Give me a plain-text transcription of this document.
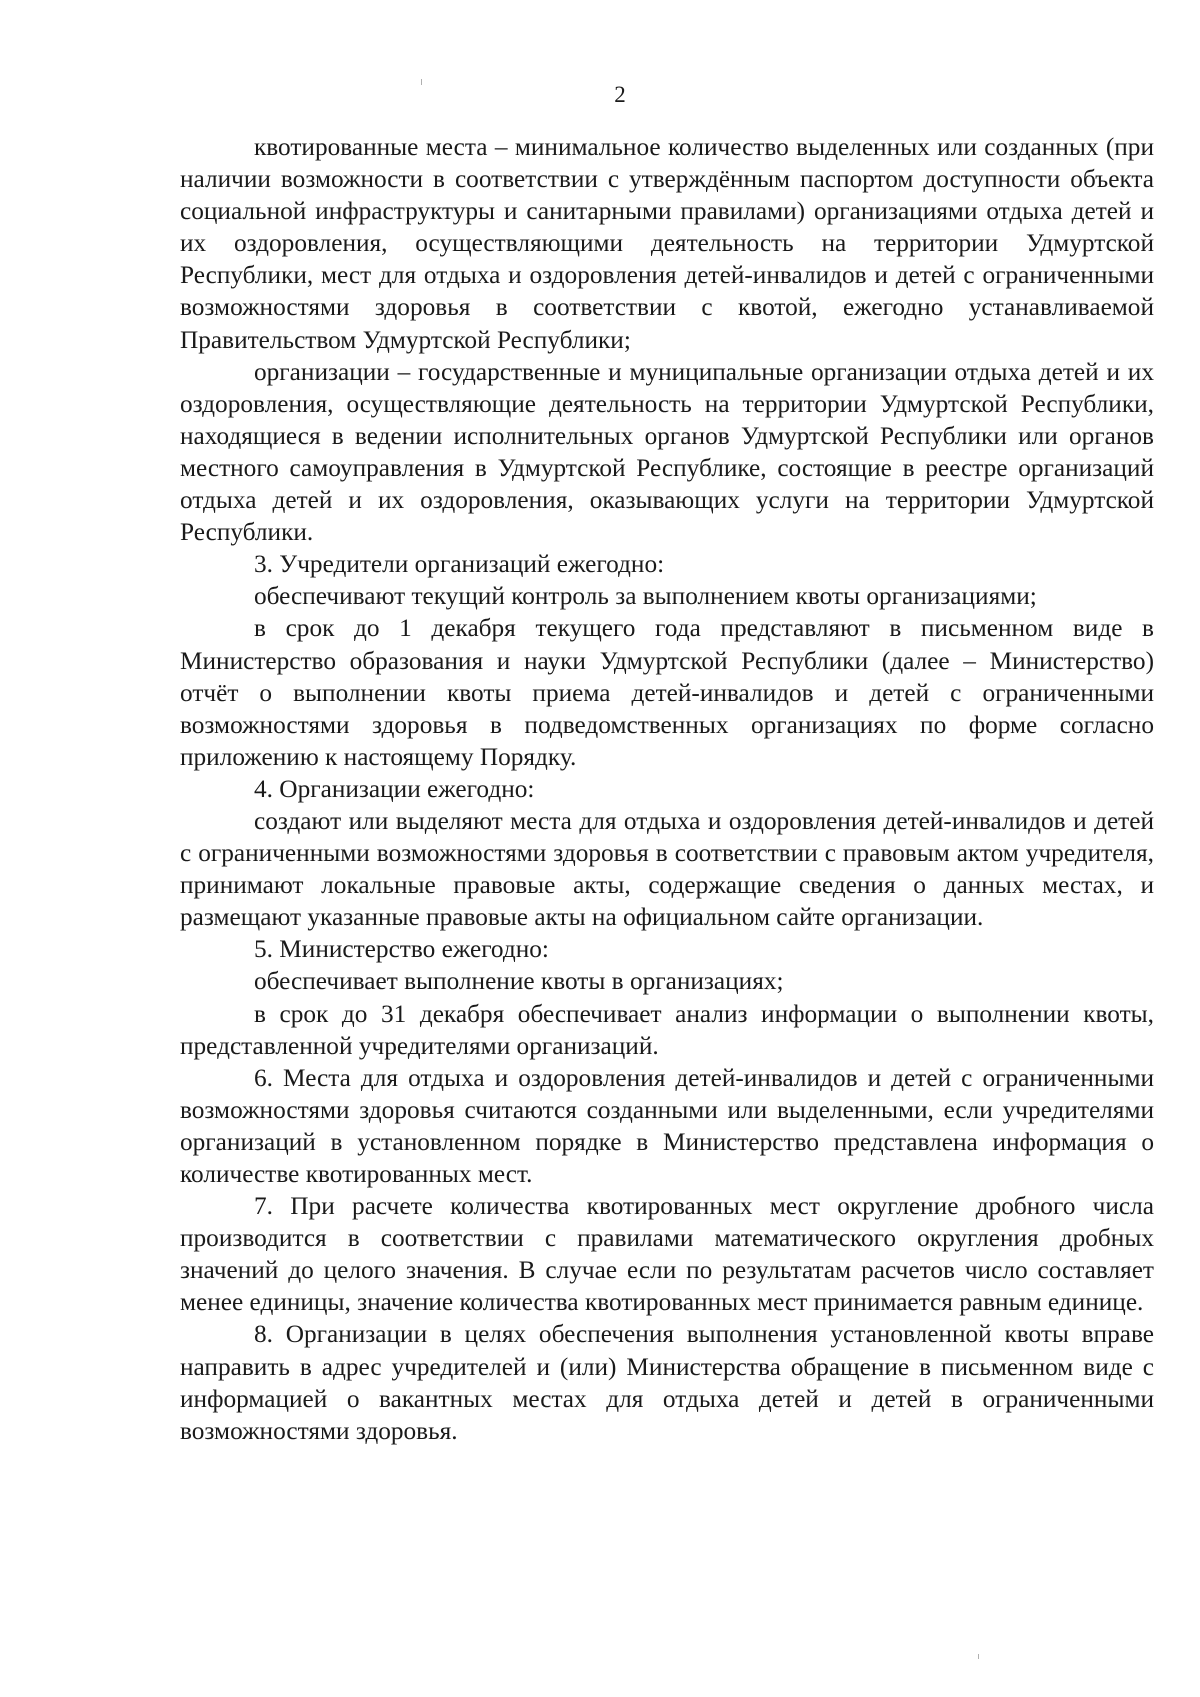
2

квотированные места – минимальное количество выделенных или созданных (при наличии возможности в соответствии с утверждённым паспортом доступности объекта социальной инфраструктуры и санитарными правилами) организациями отдыха детей и их оздоровления, осуществляющими деятельность на территории Удмуртской Республики, мест для отдыха и оздоровления детей-инвалидов и детей с ограниченными возможностями здоровья в соответствии с квотой, ежегодно устанавливаемой Правительством Удмуртской Республики;

организации – государственные и муниципальные организации отдыха детей и их оздоровления, осуществляющие деятельность на территории Удмуртской Республики, находящиеся в ведении исполнительных органов Удмуртской Республики или органов местного самоуправления в Удмуртской Республике, состоящие в реестре организаций отдыха детей и их оздоровления, оказывающих услуги на территории Удмуртской Республики.

3. Учредители организаций ежегодно:

обеспечивают текущий контроль за выполнением квоты организациями;

в срок до 1 декабря текущего года представляют в письменном виде в Министерство образования и науки Удмуртской Республики (далее – Министерство) отчёт о выполнении квоты приема детей-инвалидов и детей с ограниченными возможностями здоровья в подведомственных организациях по форме согласно приложению к настоящему Порядку.

4. Организации ежегодно:

создают или выделяют места для отдыха и оздоровления детей-инвалидов и детей с ограниченными возможностями здоровья в соответствии с правовым актом учредителя, принимают локальные правовые акты, содержащие сведения о данных местах, и размещают указанные правовые акты на официальном сайте организации.

5. Министерство ежегодно:

обеспечивает выполнение квоты в организациях;

в срок до 31 декабря обеспечивает анализ информации о выполнении квоты, представленной учредителями организаций.

6. Места для отдыха и оздоровления детей-инвалидов и детей с ограниченными возможностями здоровья считаются созданными или выделенными, если учредителями организаций в установленном порядке в Министерство представлена информация о количестве квотированных мест.

7. При расчете количества квотированных мест округление дробного числа производится в соответствии с правилами математического округления дробных значений до целого значения. В случае если по результатам расчетов число составляет менее единицы, значение количества квотированных мест принимается равным единице.

8. Организации в целях обеспечения выполнения установленной квоты вправе направить в адрес учредителей и (или) Министерства обращение в письменном виде с информацией о вакантных местах для отдыха детей и детей в ограниченными возможностями здоровья.
